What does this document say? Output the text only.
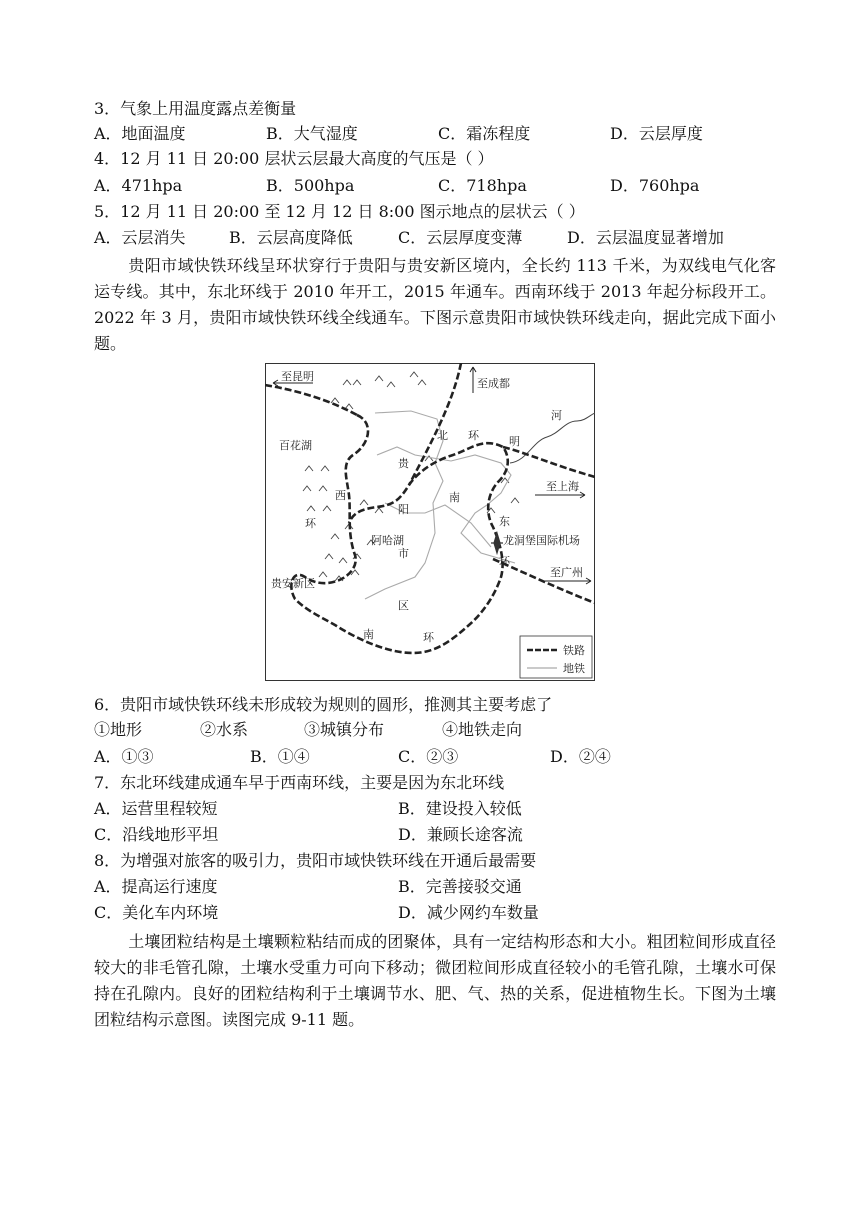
3．气象上用温度露点差衡量
A．地面温度	B．大气湿度	C．霜冻程度	D．云层厚度
4．12 月 11 日 20:00 层状云层最大高度的气压是（ ）
A．471hpa	B．500hpa	C．718hpa	D．760hpa
5．12 月 11 日 20:00 至 12 月 12 日 8:00 图示地点的层状云（ ）
A．云层消失	B．云层高度降低	C．云层厚度变薄	D．云层温度显著增加
贵阳市域快铁环线呈环状穿行于贵阳与贵安新区境内，全长约 113 千米，为双线电气化客运专线。其中，东北环线于 2010 年开工，2015 年通车。西南环线于 2013 年起分标段开工。2022 年 3 月，贵阳市域快铁环线全线通车。下图示意贵阳市域快铁环线走向，据此完成下面小题。
至昆明
至成都
至上海
至广州
百花湖
阿哈湖
贵安新区
龙洞堡国际机场
河
明
北 环
西
环	东
环
南	环
贵
阳
市
南
区
铁路
地铁
6．贵阳市域快铁环线未形成较为规则的圆形，推测其主要考虑了
①地形	②水系	③城镇分布	④地铁走向
A．①③	B．①④	C．②③	D．②④
7．东北环线建成通车早于西南环线，主要是因为东北环线
A．运营里程较短	B．建设投入较低
C．沿线地形平坦	D．兼顾长途客流
8．为增强对旅客的吸引力，贵阳市域快铁环线在开通后最需要
A．提高运行速度	B．完善接驳交通
C．美化车内环境	D．减少网约车数量
土壤团粒结构是土壤颗粒粘结而成的团聚体，具有一定结构形态和大小。粗团粒间形成直径较大的非毛管孔隙，土壤水受重力可向下移动；微团粒间形成直径较小的毛管孔隙，土壤水可保持在孔隙内。良好的团粒结构利于土壤调节水、肥、气、热的关系，促进植物生长。下图为土壤团粒结构示意图。读图完成 9-11 题。
